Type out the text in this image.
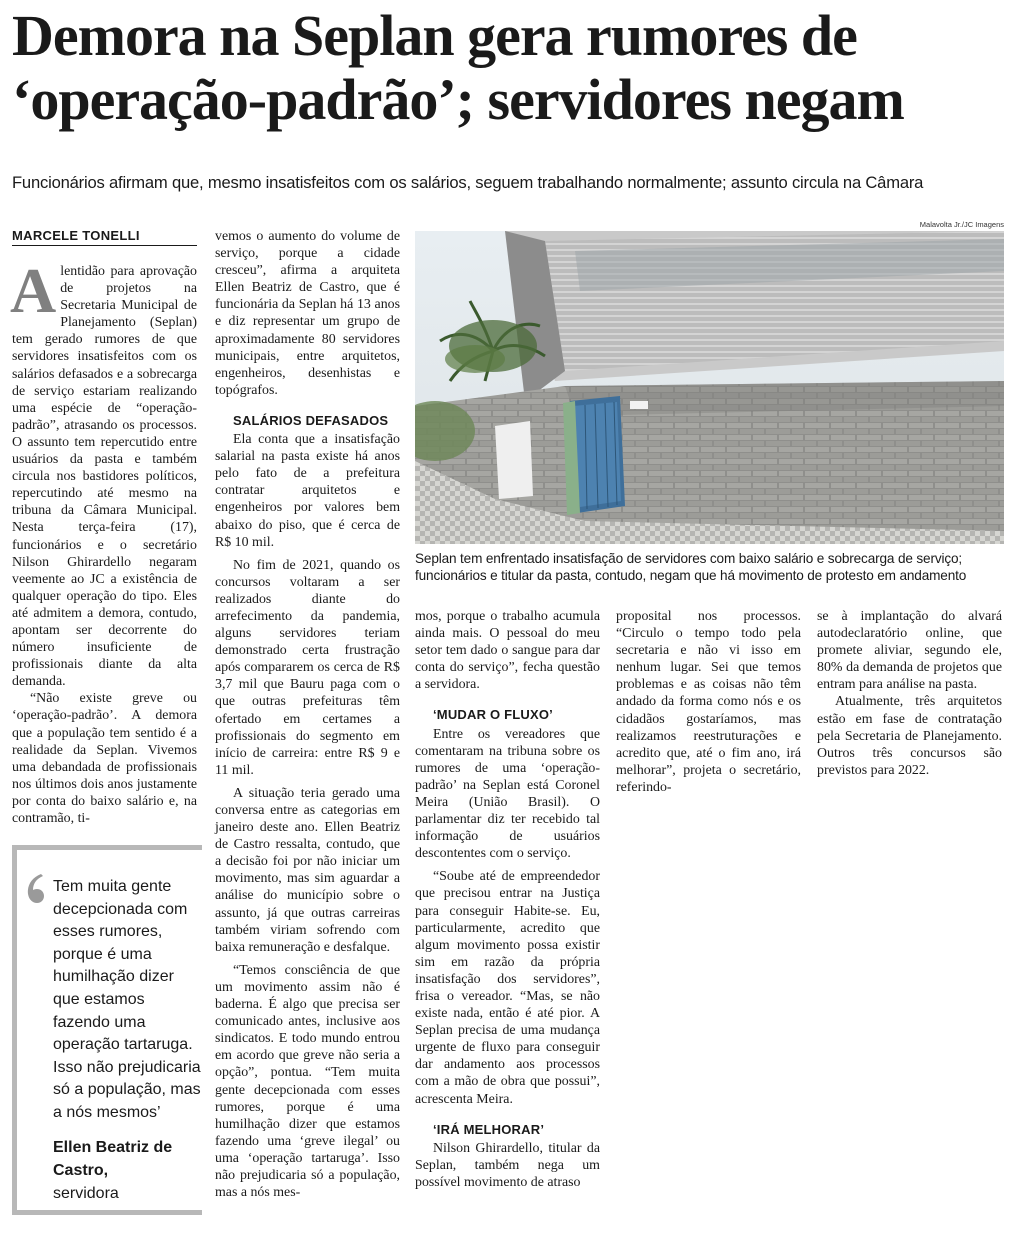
Demora na Seplan gera rumores de
‘operação-padrão’; servidores negam
Funcionários afirmam que, mesmo insatisfeitos com os salários, seguem trabalhando normalmente; assunto circula na Câmara
MARCELE TONELLI

Alentidão para aprovação de projetos na Secretaria Municipal de Planejamento (Seplan) tem gerado rumores de que servidores insatisfeitos com os salários defasados e a sobrecarga de serviço estariam realizando uma espécie de “operação-padrão”, atrasando os processos. O assunto tem repercutido entre usuários da pasta e também circula nos bastidores políticos, repercutindo até mesmo na tribuna da Câmara Municipal. Nesta terça-feira (17), funcionários e o secretário Nilson Ghirardello negaram veemente ao JC a existência de qualquer operação do tipo. Eles até admitem a demora, contudo, apontam ser decorrente do número insuficiente de profissionais diante da alta demanda.

“Não existe greve ou ‘operação-padrão’. A demora que a população tem sentido é a realidade da Seplan. Vivemos uma debandada de profissionais nos últimos dois anos justamente por conta do baixo salário e, na contramão, ti-

Tem muita gente decepcionada com esses rumores, porque é uma humilhação dizer que estamos fazendo uma operação tartaruga. Isso não prejudicaria só a população, mas a nós mesmos’
Ellen Beatriz de Castro,
servidora

vemos o aumento do volume de serviço, porque a cidade cresceu”, afirma a arquiteta Ellen Beatriz de Castro, que é funcionária da Seplan há 13 anos e diz representar um grupo de aproximadamente 80 servidores municipais, entre arquitetos, engenheiros, desenhistas e topógrafos.

SALÁRIOS DEFASADOS

Ela conta que a insatisfação salarial na pasta existe há anos pelo fato de a prefeitura contratar arquitetos e engenheiros por valores bem abaixo do piso, que é cerca de R$ 10 mil.

No fim de 2021, quando os concursos voltaram a ser realizados diante do arrefecimento da pandemia, alguns servidores teriam demonstrado certa frustração após compararem os cerca de R$ 3,7 mil que Bauru paga com o que outras prefeituras têm ofertado em certames a profissionais do segmento em início de carreira: entre R$ 9 e 11 mil.

A situação teria gerado uma conversa entre as categorias em janeiro deste ano. Ellen Beatriz de Castro ressalta, contudo, que a decisão foi por não iniciar um movimento, mas sim aguardar a análise do município sobre o assunto, já que outras carreiras também viriam sofrendo com baixa remuneração e desfalque.

“Temos consciência de que um movimento assim não é baderna. É algo que precisa ser comunicado antes, inclusive aos sindicatos. E todo mundo entrou em acordo que greve não seria a opção”, pontua. “Tem muita gente decepcionada com esses rumores, porque é uma humilhação dizer que estamos fazendo uma ‘greve ilegal’ ou uma ‘operação tartaruga’. Isso não prejudicaria só a população, mas a nós mes-

Malavolta Jr./JC Imagens
Seplan tem enfrentado insatisfação de servidores com baixo salário e sobrecarga de serviço;
funcionários e titular da pasta, contudo, negam que há movimento de protesto em andamento

mos, porque o trabalho acumula ainda mais. O pessoal do meu setor tem dado o sangue para dar conta do serviço”, fecha questão a servidora.

‘MUDAR O FLUXO’

Entre os vereadores que comentaram na tribuna sobre os rumores de uma ‘operação-padrão’ na Seplan está Coronel Meira (União Brasil). O parlamentar diz ter recebido tal informação de usuários descontentes com o serviço.

“Soube até de empreendedor que precisou entrar na Justiça para conseguir Habite-se. Eu, particularmente, acredito que algum movimento possa existir sim em razão da própria insatisfação dos servidores”, frisa o vereador. “Mas, se não existe nada, então é até pior. A Seplan precisa de uma mudança urgente de fluxo para conseguir dar andamento aos processos com a mão de obra que possui”, acrescenta Meira.

‘IRÁ MELHORAR’

Nilson Ghirardello, titular da Seplan, também nega um possível movimento de atraso

proposital nos processos. “Circulo o tempo todo pela secretaria e não vi isso em nenhum lugar. Sei que temos problemas e as coisas não têm andado da forma como nós e os cidadãos gostaríamos, mas realizamos reestruturações e acredito que, até o fim ano, irá melhorar”, projeta o secretário, referindo-

se à implantação do alvará autodeclaratório online, que promete aliviar, segundo ele, 80% da demanda de projetos que entram para análise na pasta.

Atualmente, três arquitetos estão em fase de contratação pela Secretaria de Planejamento. Outros três concursos são previstos para 2022.
